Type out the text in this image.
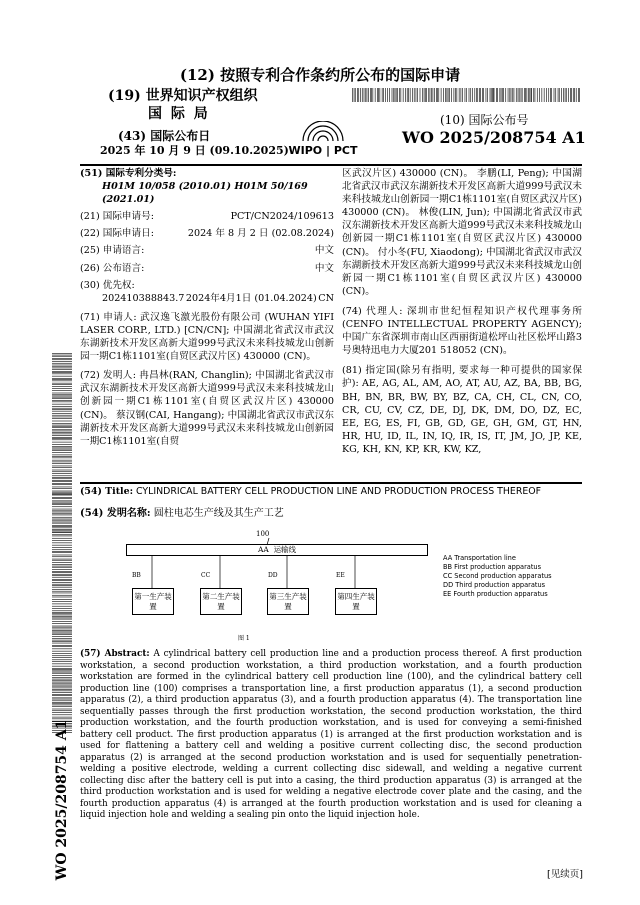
(12) 按照专利合作条约所公布的国际申请
(19) 世界知识产权组织
国 际 局	(10) 国际公布号
WO 2025/208754 A1
(43) 国际公布日
2025 年 10 月 9 日 (09.10.2025) WIPO | PCT
(51) 国际专利分类号:
H01M 10/058 (2010.01) H01M 50/169 (2021.01)
(21) 国际申请号:	PCT/CN2024/109613
(22) 国际申请日:	2024 年 8 月 2 日 (02.08.2024)
(25) 申请语言:	中文
(26) 公布语言:	中文
(30) 优先权:
202410388843.7 2024年4月1日 (01.04.2024) CN
(71) 申请人: 武汉逸飞激光股份有限公司 (WUHAN YIFI LASER CORP., LTD.) [CN/CN]; 中国湖北省武汉市武汉东湖新技术开发区高新大道999号武汉未来科技城龙山创新园一期C1栋1101室(自贸区武汉片区) 430000 (CN)。
(72) 发明人: 冉昌林(RAN, Changlin); 中国湖北省武汉市武汉东湖新技术开发区高新大道999号武汉未来科技城龙山创新园一期C1栋1101室(自贸区武汉片区) 430000 (CN)。 蔡汉钢(CAI, Hangang); 中国湖北省武汉市武汉东湖新技术开发区高新大道999号武汉未来科技城龙山创新园一期C1栋1101室(自贸
区武汉片区) 430000 (CN)。 李鹏(LI, Peng); 中国湖北省武汉市武汉东湖新技术开发区高新大道999号武汉未来科技城龙山创新园一期C1栋1101室(自贸区武汉片区) 430000 (CN)。 林俊(LIN, Jun); 中国湖北省武汉市武汉东湖新技术开发区高新大道999号武汉未来科技城龙山创新园一期C1栋1101室(自贸区武汉片区) 430000 (CN)。 付小冬(FU, Xiaodong); 中国湖北省武汉市武汉东湖新技术开发区高新大道999号武汉未来科技城龙山创新园一期C1栋1101室(自贸区武汉片区) 430000 (CN)。
(74) 代理人: 深圳市世纪恒程知识产权代理事务所 (CENFO INTELLECTUAL PROPERTY AGENCY); 中国广东省深圳市南山区西丽街道松坪山社区松坪山路3号奥特迅电力大厦201 518052 (CN)。
(81) 指定国(除另有指明, 要求每一种可提供的国家保护): AE, AG, AL, AM, AO, AT, AU, AZ, BA, BB, BG, BH, BN, BR, BW, BY, BZ, CA, CH, CL, CN, CO, CR, CU, CV, CZ, DE, DJ, DK, DM, DO, DZ, EC, EE, EG, ES, FI, GB, GD, GE, GH, GM, GT, HN, HR, HU, ID, IL, IN, IQ, IR, IS, IT, JM, JO, JP, KE, KG, KH, KN, KP, KR, KW, KZ,
WO 2025/208754 A1
(54) Title: CYLINDRICAL BATTERY CELL PRODUCTION LINE AND PRODUCTION PROCESS THEREOF
(54) 发明名称: 圆柱电芯生产线及其生产工艺
100
AA
运输线
BB	CC	DD	EE
第一生产装置
第二生产装置
第三生产装置
第四生产装置
图 1
AA Transportation line
BB First production apparatus
CC Second production apparatus
DD Third production apparatus
EE Fourth production apparatus
(57) Abstract: A cylindrical battery cell production line and a production process thereof. A first production workstation, a second production workstation, a third production workstation, and a fourth production workstation are formed in the cylindrical battery cell production line (100), and the cylindrical battery cell production line (100) comprises a transportation line, a first production apparatus (1), a second production apparatus (2), a third production apparatus (3), and a fourth production apparatus (4). The transportation line sequentially passes through the first production workstation, the second production workstation, the third production workstation, and the fourth production workstation, and is used for conveying a semi-finished battery cell product. The first production apparatus (1) is arranged at the first production workstation and is used for flattening a battery cell and welding a positive current collecting disc, the second production apparatus (2) is arranged at the second production workstation and is used for sequentially penetration-welding a positive electrode, welding a current collecting disc sidewall, and welding a negative current collecting disc after the battery cell is put into a casing, the third production apparatus (3) is arranged at the third production workstation and is used for welding a negative electrode cover plate and the casing, and the fourth production apparatus (4) is arranged at the fourth production workstation and is used for cleaning a liquid injection hole and welding a sealing pin onto the liquid injection hole.
[见续页]
